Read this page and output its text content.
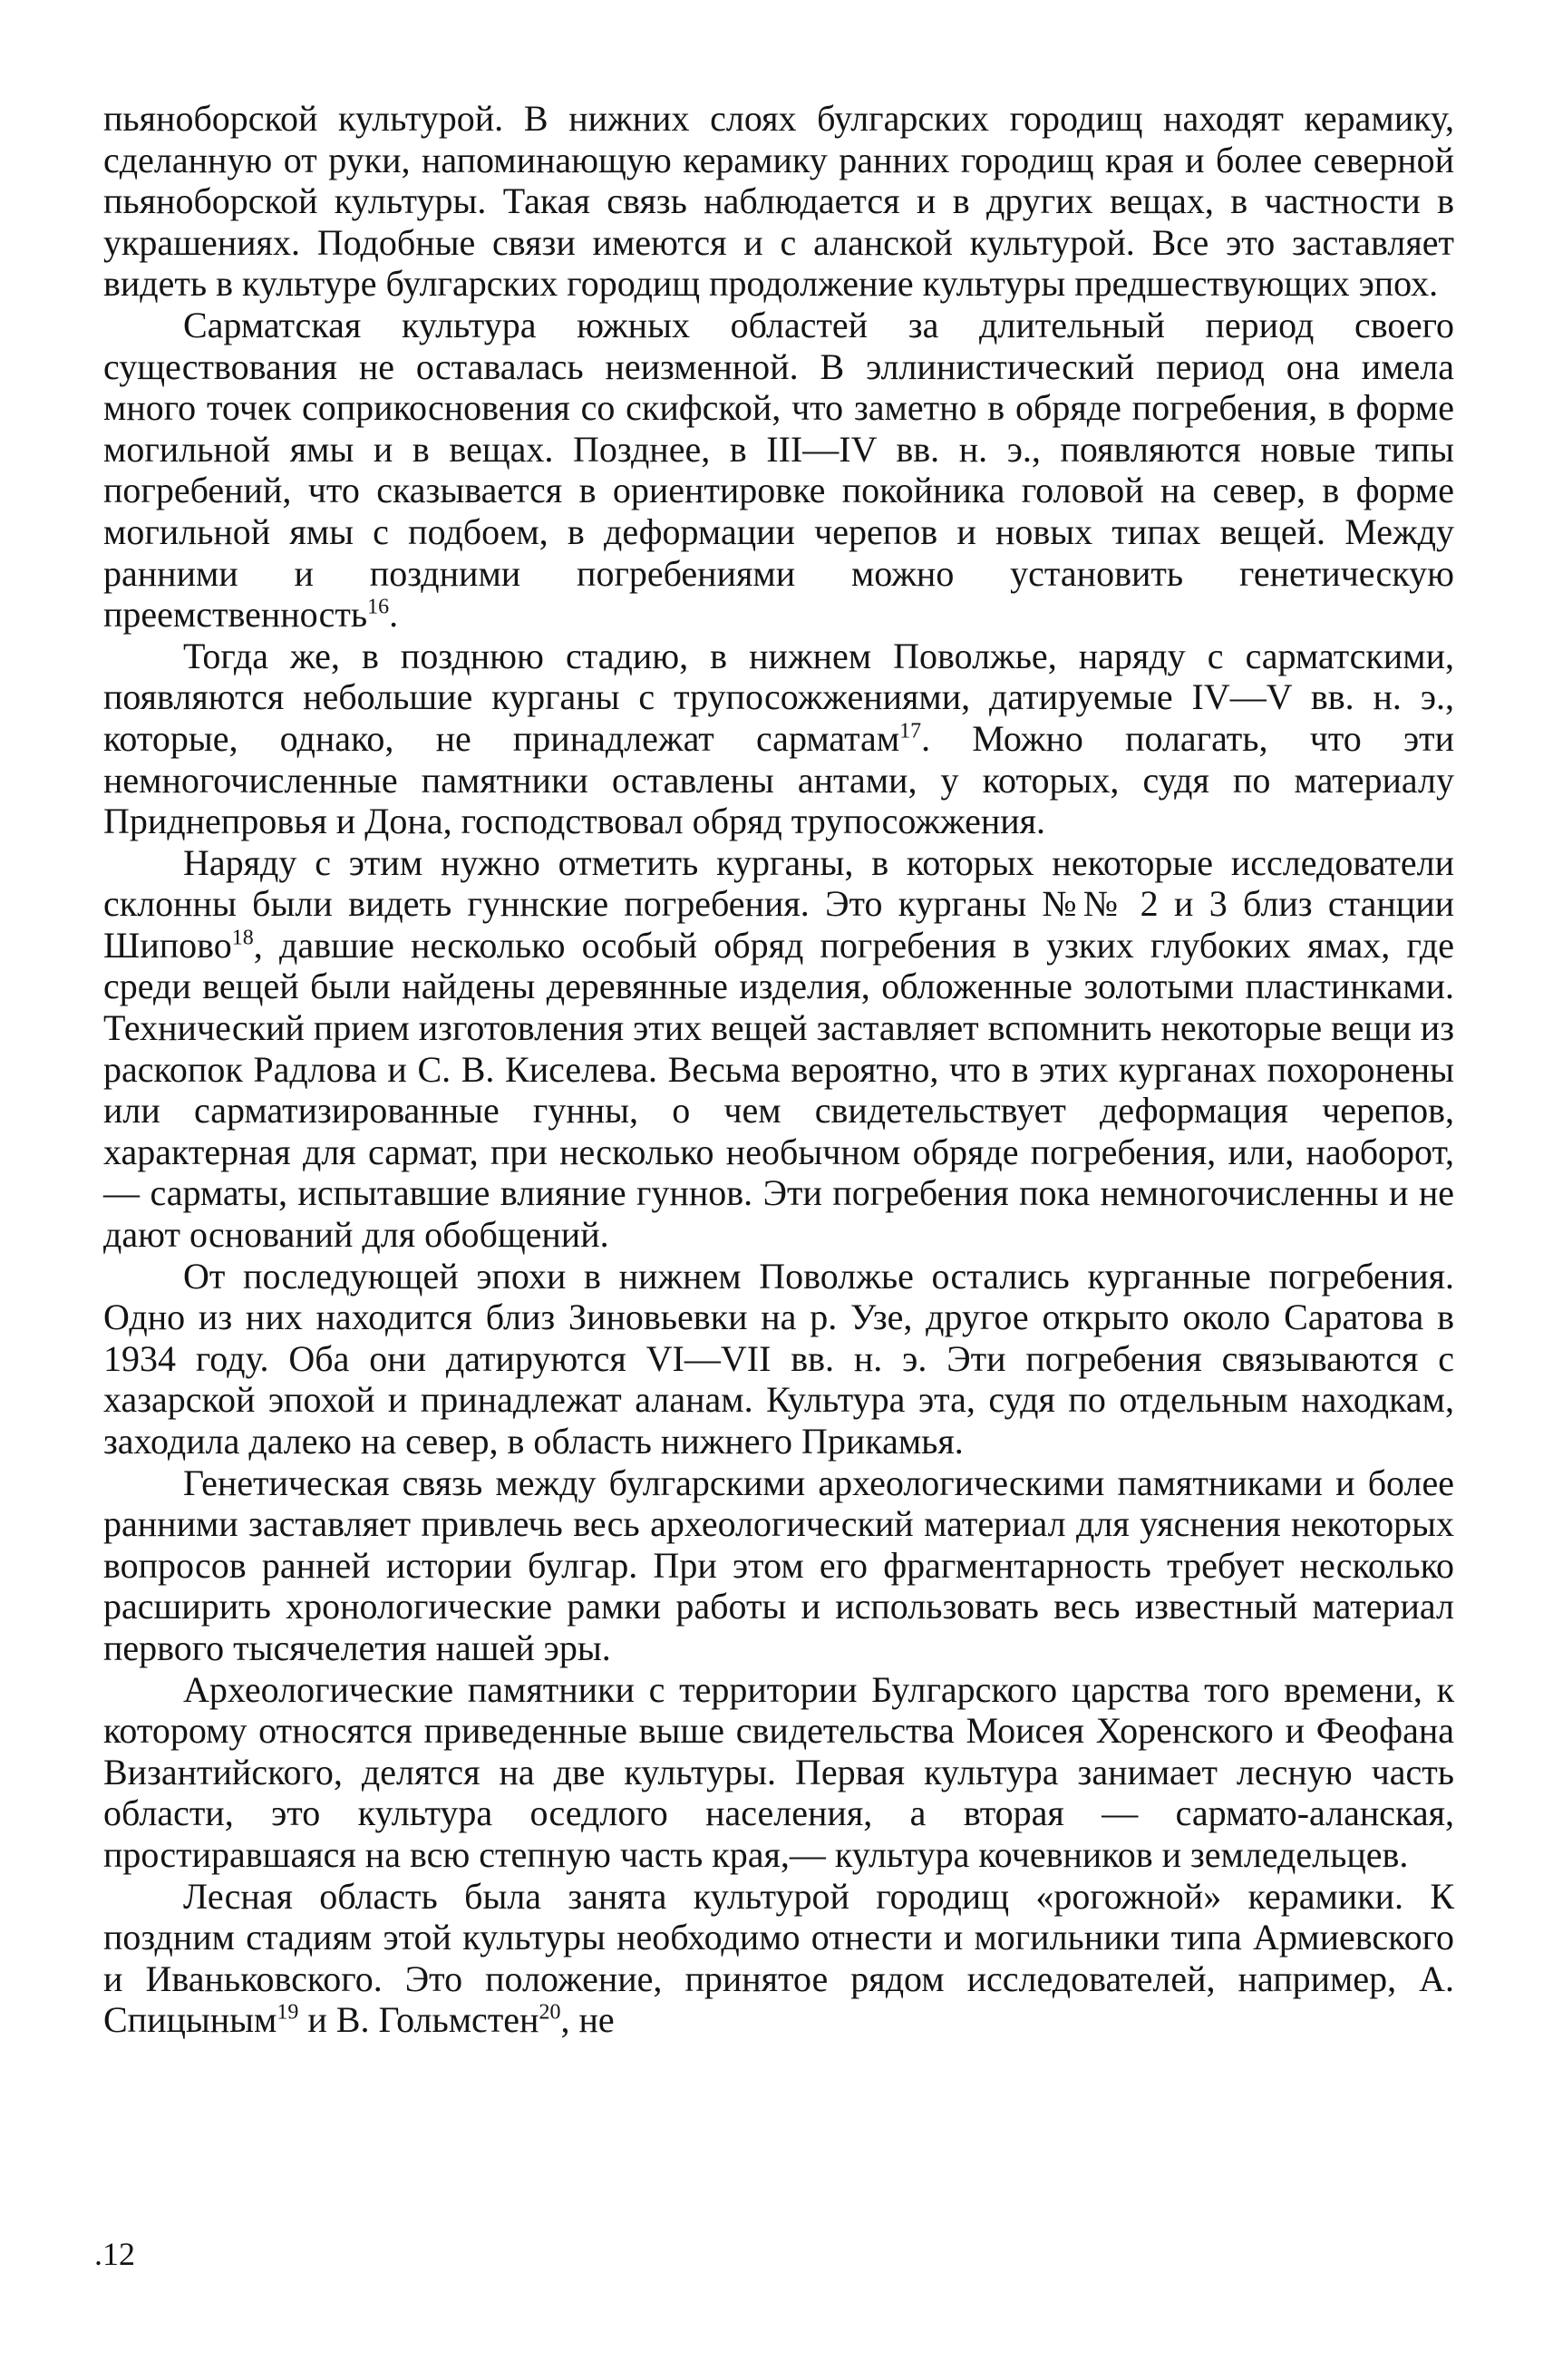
пьяноборской культурой. В нижних слоях булгарских городищ находят керамику, сделанную от руки, напоминающую керамику ранних городищ края и более северной пьяноборской культуры. Такая связь наблюдается и в других вещах, в частности в украшениях. Подобные связи имеются и с аланской культурой. Все это заставляет видеть в культуре булгарских городищ продолжение культуры предшествующих эпох.

Сарматская культура южных областей за длительный период своего существования не оставалась неизменной. В эллинистический период она имела много точек соприкосновения со скифской, что заметно в обряде погребения, в форме могильной ямы и в вещах. Позднее, в III—IV вв. н. э., появляются новые типы погребений, что сказывается в ориентировке покойника головой на север, в форме могильной ямы с подбоем, в деформации черепов и новых типах вещей. Между ранними и поздними погребениями можно установить генетическую преемственность$^{16}$.

Тогда же, в позднюю стадию, в нижнем Поволжье, наряду с сарматскими, появляются небольшие курганы с трупосожжениями, датируемые IV—V вв. н. э., которые, однако, не принадлежат сарматам$^{17}$. Можно полагать, что эти немногочисленные памятники оставлены антами, у которых, судя по материалу Приднепровья и Дона, господствовал обряд трупосожжения.

Наряду с этим нужно отметить курганы, в которых некоторые исследователи склонны были видеть гуннские погребения. Это курганы №№ 2 и 3 близ станции Шипово$^{18}$, давшие несколько особый обряд погребения в узких глубоких ямах, где среди вещей были найдены деревянные изделия, обложенные золотыми пластинками. Технический прием изготовления этих вещей заставляет вспомнить некоторые вещи из раскопок Радлова и С. В. Киселева. Весьма вероятно, что в этих курганах похоронены или сарматизированные гунны, о чем свидетельствует деформация черепов, характерная для сармат, при несколько необычном обряде погребения, или, наоборот,— сарматы, испытавшие влияние гуннов. Эти погребения пока немногочисленны и не дают оснований для обобщений.

От последующей эпохи в нижнем Поволжье остались курганные погребения. Одно из них находится близ Зиновьевки на р. Узе, другое открыто около Саратова в 1934 году. Оба они датируются VI—VII вв. н. э. Эти погребения связываются с хазарской эпохой и принадлежат аланам. Культура эта, судя по отдельным находкам, заходила далеко на север, в область нижнего Прикамья.

Генетическая связь между булгарскими археологическими памятниками и более ранними заставляет привлечь весь археологический материал для уяснения некоторых вопросов ранней истории булгар. При этом его фрагментарность требует несколько расширить хронологические рамки работы и использовать весь известный материал первого тысячелетия нашей эры.

Археологические памятники с территории Булгарского царства того времени, к которому относятся приведенные выше свидетельства Моисея Хоренского и Феофана Византийского, делятся на две культуры. Первая культура занимает лесную часть области, это культура оседлого населения, а вторая — сармато-аланская, простиравшаяся на всю степную часть края,— культура кочевников и земледельцев.

Лесная область была занята культурой городищ «рогожной» керамики. К поздним стадиям этой культуры необходимо отнести и могильники типа Армиевского и Иваньковского. Это положение, принятое рядом исследователей, например, А. Спицыным$^{19}$ и В. Гольмстен$^{20}$, не

.12
